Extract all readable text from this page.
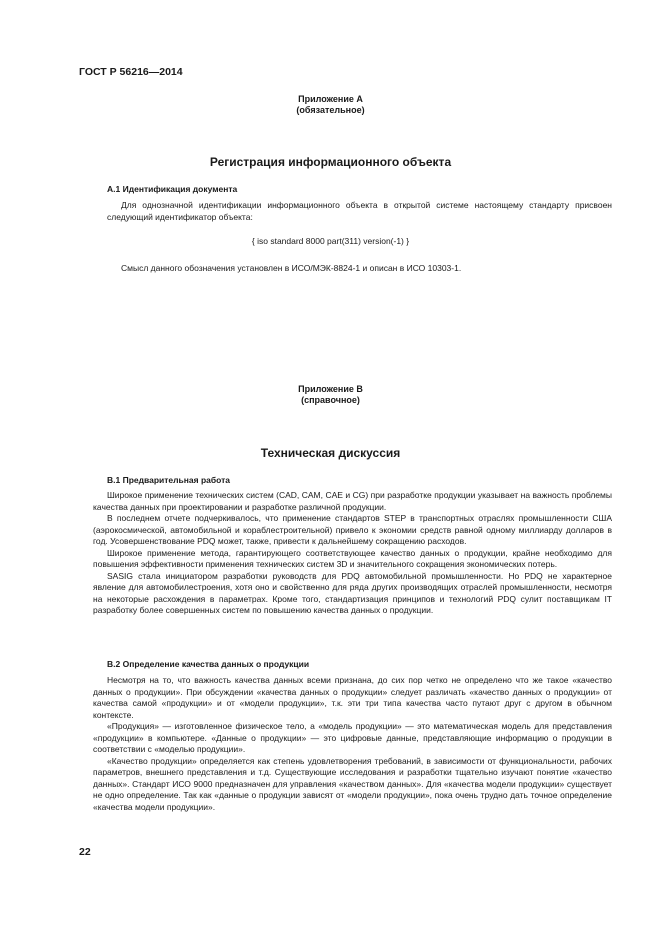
ГОСТ Р 56216—2014
Приложение А
(обязательное)
Регистрация информационного объекта
А.1 Идентификация документа

Для однозначной идентификации информационного объекта в открытой системе настоящему стандарту присвоен следующий идентификатор объекта:

{ iso standard 8000 part(311) version(-1) }

Смысл данного обозначения установлен в ИСО/МЭК-8824-1 и описан в ИСО 10303-1.

Приложение В
(справочное)
Техническая дискуссия
В.1 Предварительная работа

Широкое применение технических систем (CAD, CAM, CAE и CG) при разработке продукции указывает на важность проблемы качества данных при проектировании и разработке различной продукции.

В последнем отчете подчеркивалось, что применение стандартов STEP в транспортных отраслях промышленности США (аэрокосмической, автомобильной и кораблестроительной) привело к экономии средств равной одному миллиарду долларов в год. Усовершенствование PDQ может, также, привести к дальнейшему сокращению расходов.

Широкое применение метода, гарантирующего соответствующее качество данных о продукции, крайне необходимо для повышения эффективности применения технических систем 3D и значительного сокращения экономических потерь.

SASIG стала инициатором разработки руководств для PDQ автомобильной промышленности. Но PDQ не характерное явление для автомобилестроения, хотя оно и свойственно для ряда других производящих отраслей промышленности, несмотря на некоторые расхождения в параметрах. Кроме того, стандартизация принципов и технологий PDQ сулит поставщикам IT разработку более совершенных систем по повышению качества данных о продукции.

В.2 Определение качества данных о продукции

Несмотря на то, что важность качества данных всеми признана, до сих пор четко не определено что же такое «качество данных о продукции». При обсуждении «качества данных о продукции» следует различать «качество данных о продукции» от качества самой «продукции» и от «модели продукции», т.к. эти три типа качества часто путают друг с другом в обычном контексте.

«Продукция» — изготовленное физическое тело, а «модель продукции» — это математическая модель для представления «продукции» в компьютере. «Данные о продукции» — это цифровые данные, представляющие информацию о продукции в соответствии с «моделью продукции».

«Качество продукции» определяется как степень удовлетворения требований, в зависимости от функциональности, рабочих параметров, внешнего представления и т.д. Существующие исследования и разработки тщательно изучают понятие «качество данных». Стандарт ИСО 9000 предназначен для управления «качеством данных». Для «качества модели продукции» существует не одно определение. Так как «данные о продукции зависят от «модели продукции», пока очень трудно дать точное определение «качества модели продукции».

22
